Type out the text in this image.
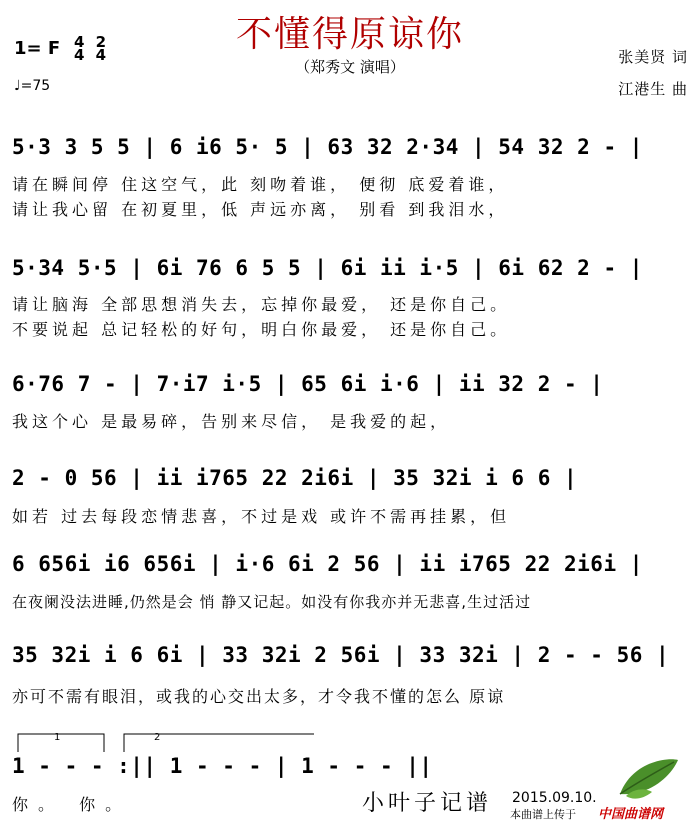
不懂得原谅你
（郑秀文 演唱）
1= F 4
4

2
4
♩=75
张美贤 词
江港生 曲
5·3 3 5 5 | 6 i6 5· 5 | 63 32 2·34 | 54 32 2 - |
请在瞬间停 住这空气，此 刻吻着谁， 便彻 底爱着谁，
请让我心留 在初夏里，低 声远亦离， 别看 到我泪水，
5·34 5·5 | 6i 76 6 5 5 | 6i ii i·5 | 6i 62 2 - |
请让脑海 全部思想消失去，忘掉你最爱， 还是你自己。
不要说起 总记轻松的好句，明白你最爱， 还是你自己。
6·76 7 - | 7·i7 i·5 | 65 6i i·6 | ii 32 2 - |
我这个心 是最易碎，告别来尽信， 是我爱的起，
2 - 0 56 | ii i765 22 2i6i | 35 32i i 6 6 |
如若 过去每段恋情悲喜，不过是戏 或许不需再挂累，但
6 656i i6 656i | i·6 6i 2 56 | ii i765 22 2i6i |
在夜阑没法进睡,仍然是会 悄 静又记起。如没有你我亦并无悲喜,生过活过
35 32i i 6 6i | 33 32i 2 56i | 33 32i | 2 - - 56 |
亦可不需有眼泪，或我的心交出太多，才令我不懂的怎么 原谅
1 - - - :|| 1 - - - | 1 - - - ||
你。 你。
1	2
小叶子记谱 2015.09.10.
本曲谱上传于 中国曲谱网
